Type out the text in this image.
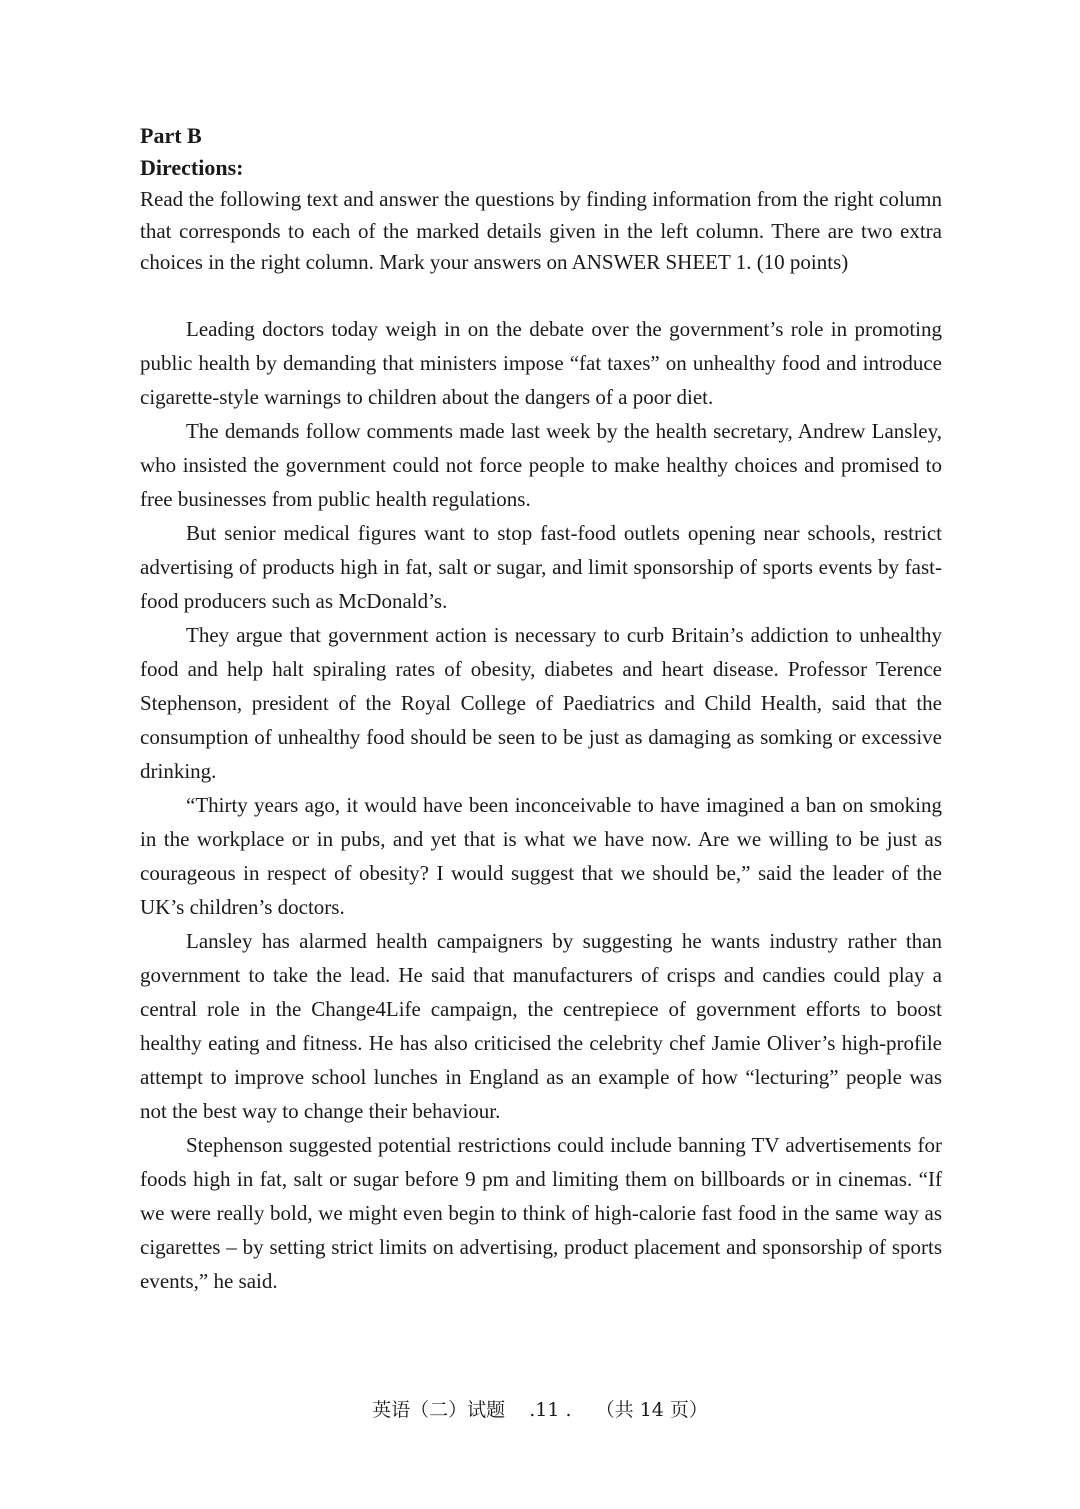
Part B
Directions:

Read the following text and answer the questions by finding information from the right column that corresponds to each of the marked details given in the left column. There are two extra choices in the right column. Mark your answers on ANSWER SHEET 1. (10 points)

Leading doctors today weigh in on the debate over the government’s role in promoting public health by demanding that ministers impose “fat taxes” on unhealthy food and introduce cigarette-style warnings to children about the dangers of a poor diet.

The demands follow comments made last week by the health secretary, Andrew Lansley, who insisted the government could not force people to make healthy choices and promised to free businesses from public health regulations.

But senior medical figures want to stop fast-food outlets opening near schools, restrict advertising of products high in fat, salt or sugar, and limit sponsorship of sports events by fast-food producers such as McDonald’s.

They argue that government action is necessary to curb Britain’s addiction to unhealthy food and help halt spiraling rates of obesity, diabetes and heart disease. Professor Terence Stephenson, president of the Royal College of Paediatrics and Child Health, said that the consumption of unhealthy food should be seen to be just as damaging as somking or excessive drinking.

“Thirty years ago, it would have been inconceivable to have imagined a ban on smoking in the workplace or in pubs, and yet that is what we have now. Are we willing to be just as courageous in respect of obesity? I would suggest that we should be,” said the leader of the UK’s children’s doctors.

Lansley has alarmed health campaigners by suggesting he wants industry rather than government to take the lead. He said that manufacturers of crisps and candies could play a central role in the Change4Life campaign, the centrepiece of government efforts to boost healthy eating and fitness. He has also criticised the celebrity chef Jamie Oliver’s high-profile attempt to improve school lunches in England as an example of how “lecturing” people was not the best way to change their behaviour.

Stephenson suggested potential restrictions could include banning TV advertisements for foods high in fat, salt or sugar before 9 pm and limiting them on billboards or in cinemas. “If we were really bold, we might even begin to think of high-calorie fast food in the same way as cigarettes – by setting strict limits on advertising, product placement and sponsorship of sports events,” he said.

英语（二）试题    .11 .    （共 14 页）
